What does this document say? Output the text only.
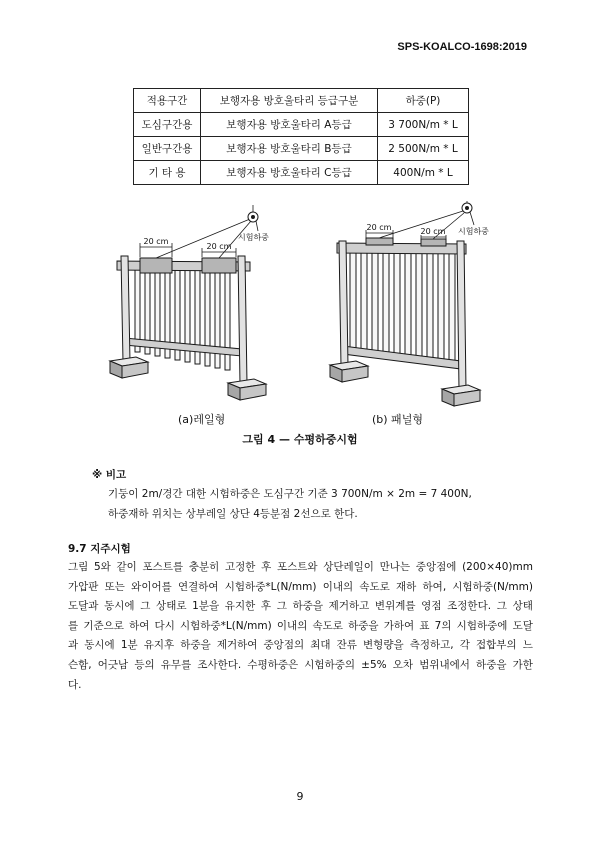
SPS-KOALCO-1698:2019
적용구간	보행자용 방호울타리 등급구분	하중(P)
도심구간용	보행자용 방호울타리 A등급	3 700N/m * L
일반구간용	보행자용 방호울타리 B등급	2 500N/m * L
기 타 용	보행자용 방호울타리 C등급	400N/m * L
20 cm
20 cm
시험하중
20 cm	20 cm 시험하중
(a)레일형	(b) 패널형
그림 4 — 수평하중시험
※ 비고
기둥이 2m/경간 대한 시험하중은 도심구간 기준 3 700N/m × 2m = 7 400N,
하중재하 위치는 상부레일 상단 4등분점 2선으로 한다.
9.7 지주시험
그림 5와 같이 포스트를 충분히 고정한 후 포스트와 상단레일이 만나는 중앙점에 (200×40)mm
가압판 또는 와이어를 연결하여 시험하중*L(N/mm) 이내의 속도로 재하 하여, 시험하중(N/mm)
도달과 동시에 그 상태로 1분을 유지한 후 그 하중을 제거하고 변위계를 영점 조정한다. 그 상태
를 기준으로 하여 다시 시험하중*L(N/mm) 이내의 속도로 하중을 가하여 표 7의 시험하중에 도달
과 동시에 1분 유지후 하중을 제거하여 중앙점의 최대 잔류 변형량을 측정하고, 각 접합부의 느
슨함, 어긋남 등의 유무를 조사한다. 수평하중은 시험하중의 ±5% 오차 범위내에서 하중을 가한
다.
9
